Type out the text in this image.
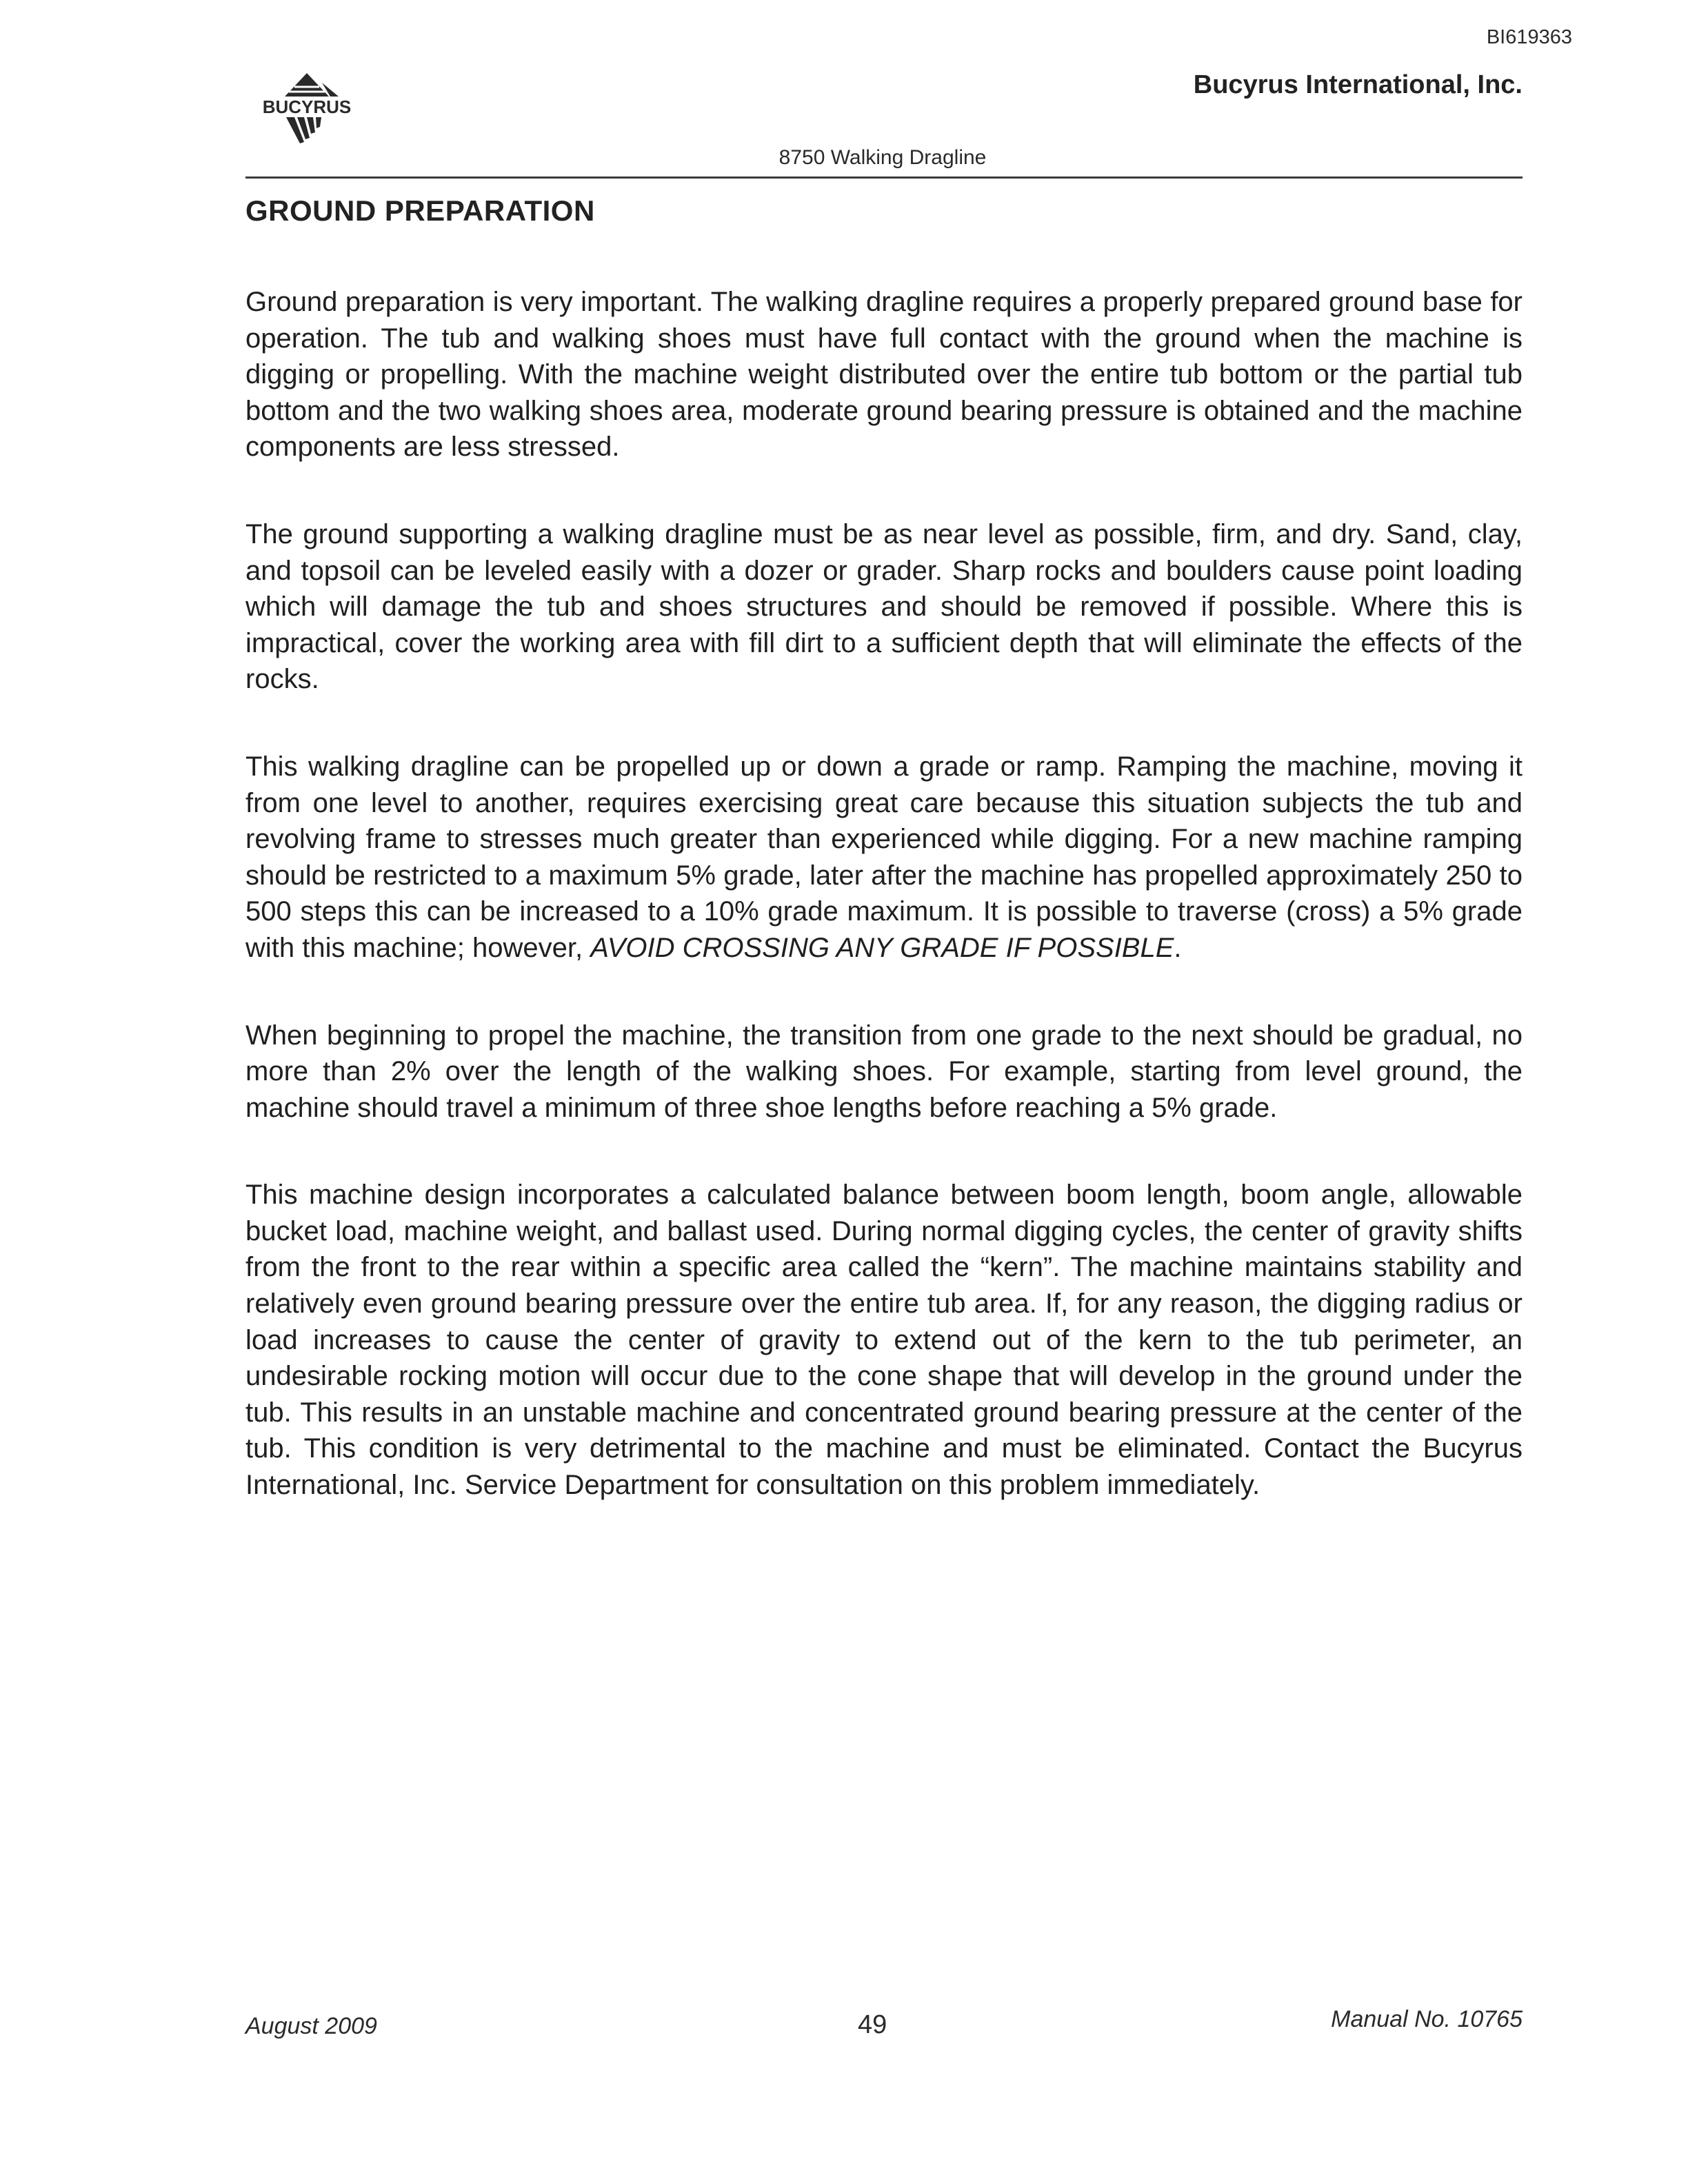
BI619363
BUCYRUS
Bucyrus International, Inc.
8750 Walking Dragline
GROUND PREPARATION

Ground preparation is very important. The walking dragline requires a properly prepared ground base for operation. The tub and walking shoes must have full contact with the ground when the machine is digging or propelling. With the machine weight distributed over the entire tub bottom or the partial tub bottom and the two walking shoes area, moderate ground bearing pressure is obtained and the machine components are less stressed.

The ground supporting a walking dragline must be as near level as possible, firm, and dry. Sand, clay, and topsoil can be leveled easily with a dozer or grader. Sharp rocks and boulders cause point loading which will damage the tub and shoes structures and should be removed if possible. Where this is impractical, cover the working area with fill dirt to a sufficient depth that will eliminate the effects of the rocks.

This walking dragline can be propelled up or down a grade or ramp. Ramping the machine, moving it from one level to another, requires exercising great care because this situation subjects the tub and revolving frame to stresses much greater than experienced while digging. For a new machine ramping should be restricted to a maximum 5% grade, later after the machine has propelled approximately 250 to 500 steps this can be increased to a 10% grade maximum. It is possible to traverse (cross) a 5% grade with this machine; however, AVOID CROSSING ANY GRADE IF POSSIBLE.

When beginning to propel the machine, the transition from one grade to the next should be gradual, no more than 2% over the length of the walking shoes. For example, starting from level ground, the machine should travel a minimum of three shoe lengths before reaching a 5% grade.

This machine design incorporates a calculated balance between boom length, boom angle, allowable bucket load, machine weight, and ballast used. During normal digging cycles, the center of gravity shifts from the front to the rear within a specific area called the “kern”. The machine maintains stability and relatively even ground bearing pressure over the entire tub area. If, for any reason, the digging radius or load increases to cause the center of gravity to extend out of the kern to the tub perimeter, an undesirable rocking motion will occur due to the cone shape that will develop in the ground under the tub. This results in an unstable machine and concentrated ground bearing pressure at the center of the tub. This condition is very detrimental to the machine and must be eliminated. Contact the Bucyrus International, Inc. Service Department for consultation on this problem immediately.

August 2009	49	Manual No. 10765
